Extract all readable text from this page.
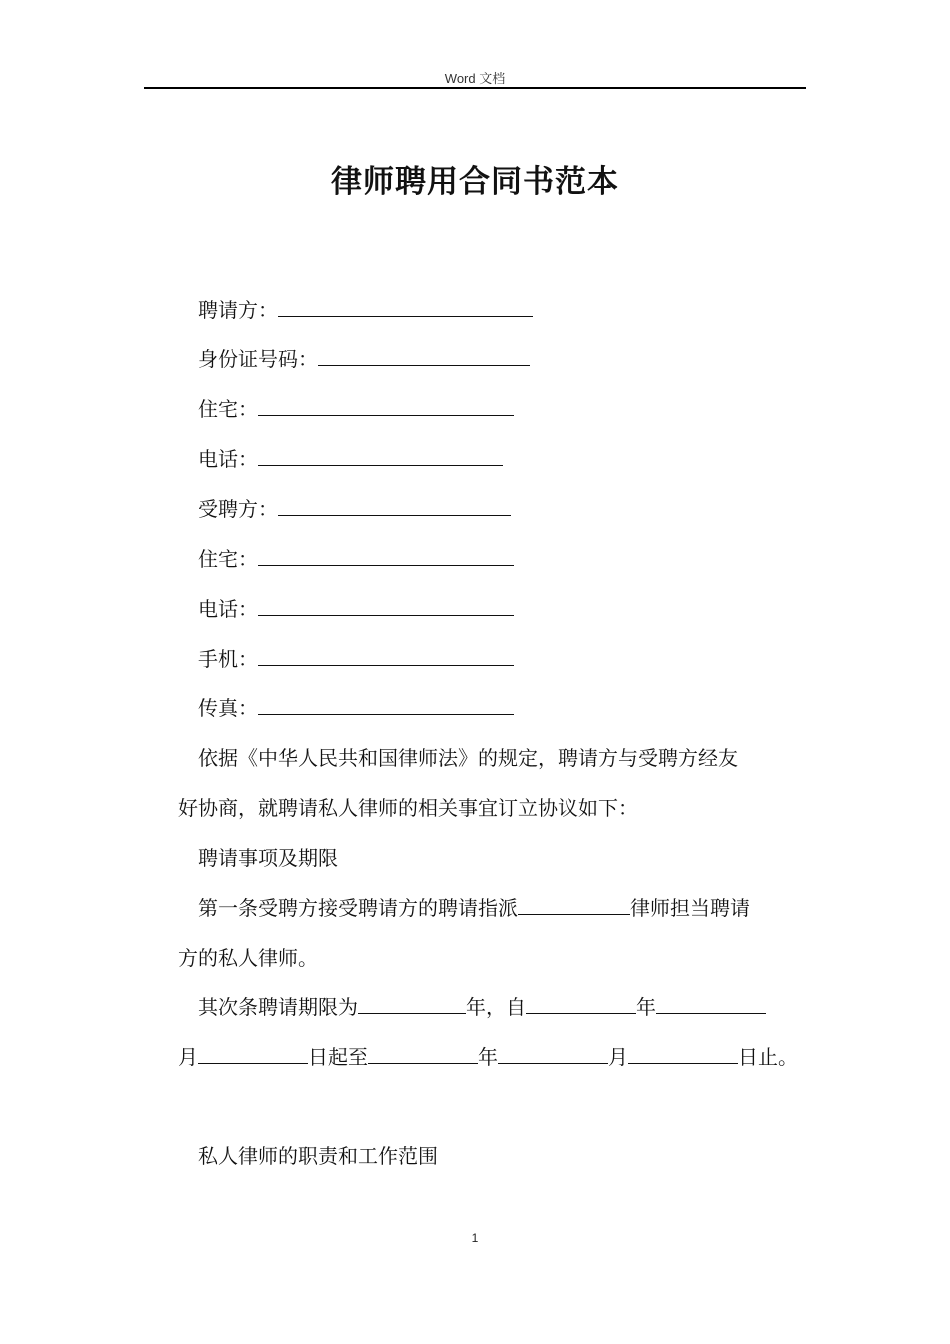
Word 文档
律师聘用合同书范本
聘请方：
身份证号码：
住宅：
电话：
受聘方：
住宅：
电话：
手机：
传真：
依据《中华人民共和国律师法》的规定，聘请方与受聘方经友
好协商，就聘请私人律师的相关事宜订立协议如下：
聘请事项及期限
第一条受聘方接受聘请方的聘请指派	律师担当聘请
方的私人律师。
其次条聘请期限为	年，自	年
月	日起至	年	月	日止。
私人律师的职责和工作范围
1
